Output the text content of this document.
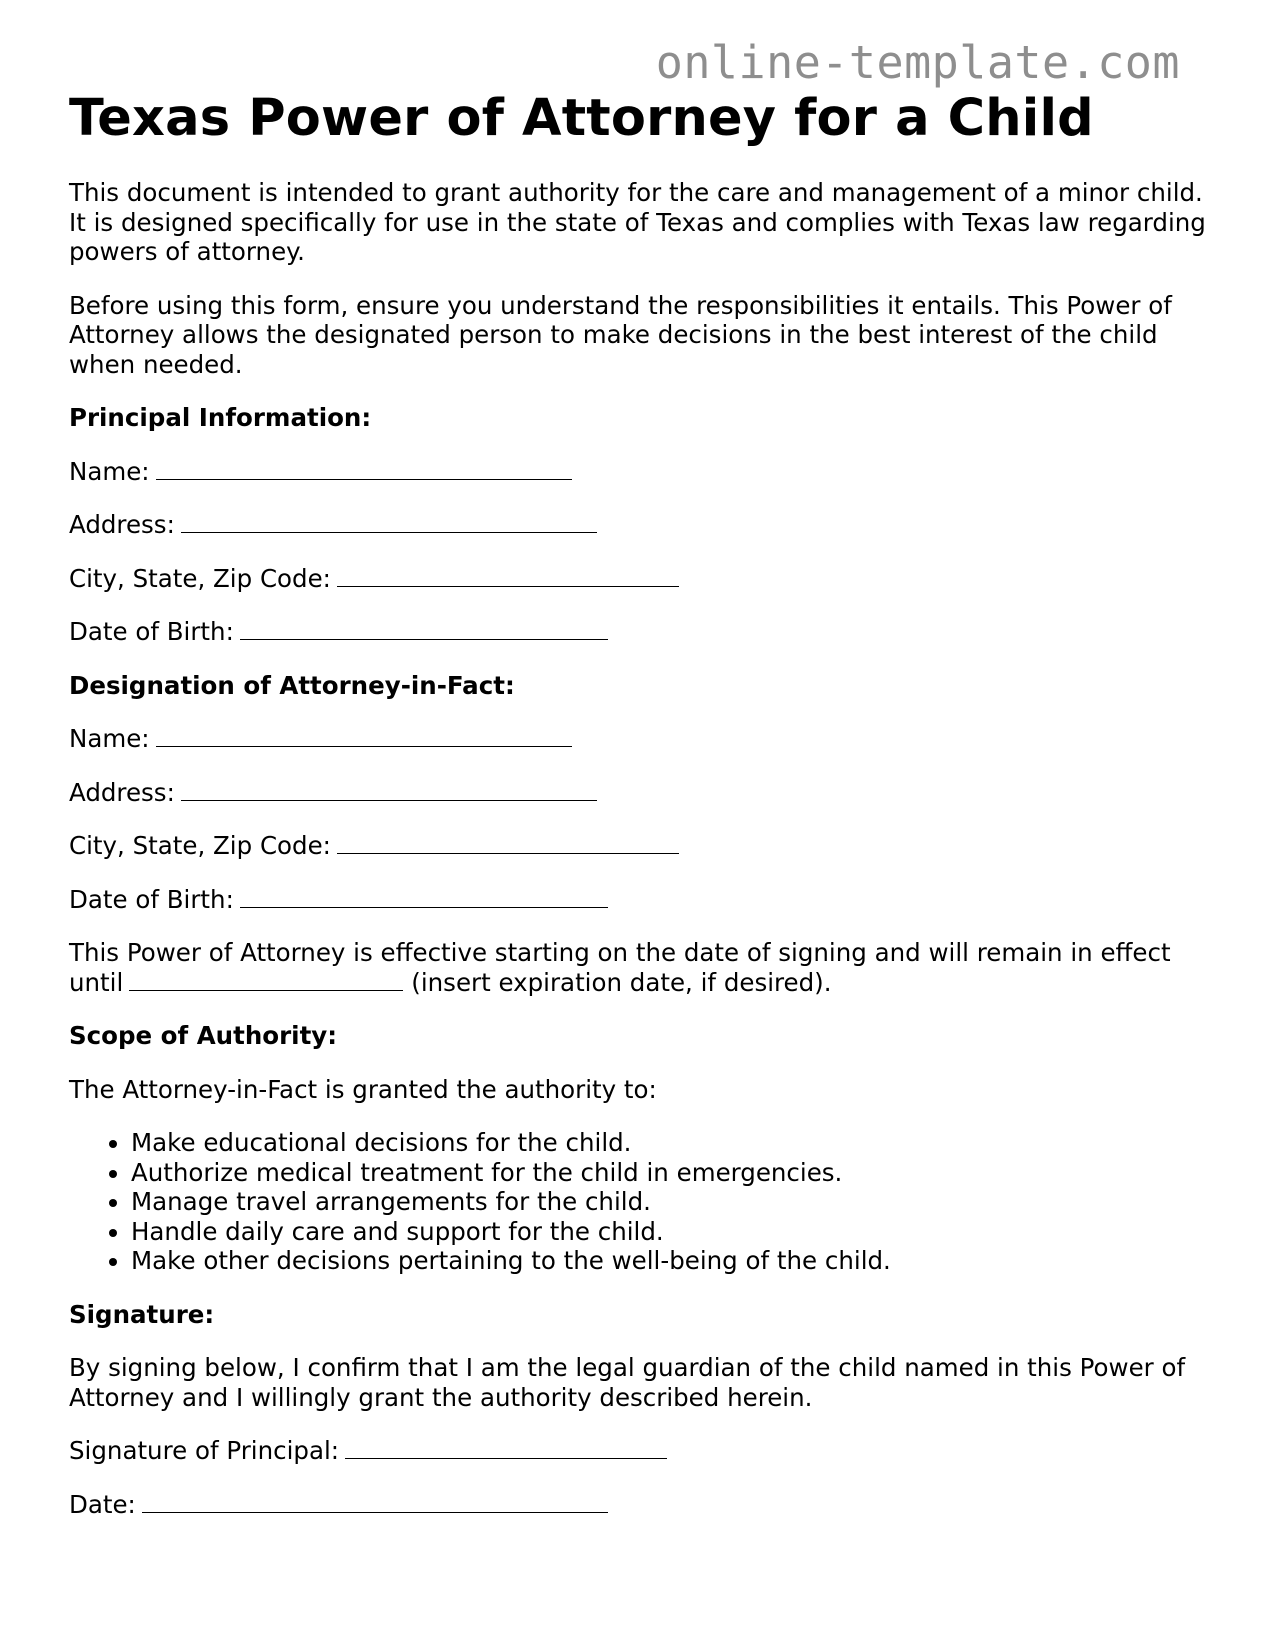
online-template.com
Texas Power of Attorney for a Child

This document is intended to grant authority for the care and management of a minor child. It is designed specifically for use in the state of Texas and complies with Texas law regarding powers of attorney.

Before using this form, ensure you understand the responsibilities it entails. This Power of Attorney allows the designated person to make decisions in the best interest of the child when needed.

Principal Information:

Name:

Address:

City, State, Zip Code:

Date of Birth:

Designation of Attorney-in-Fact:

Name:

Address:

City, State, Zip Code:

Date of Birth:

This Power of Attorney is effective starting on the date of signing and will remain in effect until	(insert expiration date, if desired).

Scope of Authority:

The Attorney-in-Fact is granted the authority to:

• Make educational decisions for the child.
• Authorize medical treatment for the child in emergencies.
• Manage travel arrangements for the child.
• Handle daily care and support for the child.
• Make other decisions pertaining to the well-being of the child.

Signature:

By signing below, I confirm that I am the legal guardian of the child named in this Power of Attorney and I willingly grant the authority described herein.

Signature of Principal:

Date:
